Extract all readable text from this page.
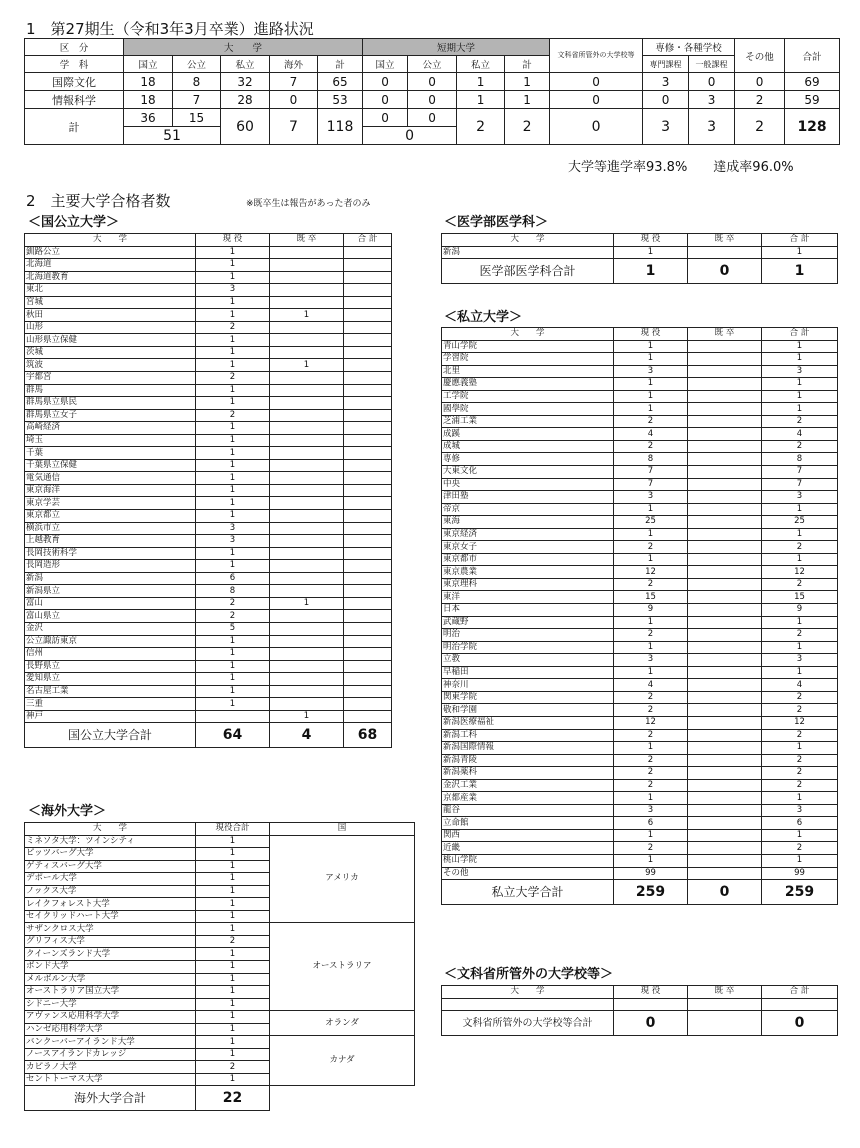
1　第27期生（令和3年3月卒業）進路状況
区　分	大　　学					短期大学				文科省所管外の大学校等	専修・各種学校		その他	合計
学　科	国立	公立	私立	海外	計	国立	公立	私立	計		専門課程	一般課程		
国際文化	18	8	32	7	65	0	0	1	1	0	3	0	0	69
情報科学	18	7	28	0	53	0	0	1	1	0	0	3	2	59
計	36	15	60	7	118	0	0	2	2	0	3	3	2	128
	51					0								
大学等進学率93.8%　　達成率96.0%
2　主要大学合格者数	※既卒生は報告があった者のみ
＜国公立大学＞
大　　学	現 役	既 卒	合 計
釧路公立	1		
北海道	1		
北海道教育	1		
東北	3		
宮城	1		
秋田	1	1	
山形	2		
山形県立保健	1		
茨城	1		
筑波	1	1	
宇都宮	2		
群馬	1		
群馬県立県民	1		
群馬県立女子	2		
高崎経済	1		
埼玉	1		
千葉	1		
千葉県立保健	1		
電気通信	1		
東京海洋	1		
東京学芸	1		
東京都立	1		
横浜市立	3		
上越教育	3		
長岡技術科学	1		
長岡造形	1		
新潟	6		
新潟県立	8		
富山	2	1	
富山県立	2		
金沢	5		
公立諏訪東京	1		
信州	1		
長野県立	1		
愛知県立	1		
名古屋工業	1		
三重	1		
神戸		1	
国公立大学合計	64	4	68
＜海外大学＞
大　　学	現役合計	国
ミネソタ大学：ツインシティ	1	アメリカ
ピッツバーグ大学	1	
ゲティスバーグ大学	1	
デポール大学	1	
ノックス大学	1	
レイクフォレスト大学	1	
セイクリッドハート大学	1	
サザンクロス大学	1	オーストラリア
グリフィス大学	2	
クイーンズランド大学	1	
ボンド大学	1	
メルボルン大学	1	
オーストラリア国立大学	1	
シドニー大学	1	
アヴァンス応用科学大学	1	オランダ
ハンゼ応用科学大学	1	
バンクーバーアイランド大学	1	カナダ
ノースアイランドカレッジ	1	
カピラノ大学	2	
セントトーマス大学	1	
海外大学合計	22	
＜医学部医学科＞
大　　学	現 役	既 卒	合 計
新潟	1		1
医学部医学科合計	1	0	1
＜私立大学＞
大　　学	現 役	既 卒	合 計
青山学院	1		1
学習院	1		1
北里	3		3
慶應義塾	1		1
工学院	1		1
國學院	1		1
芝浦工業	2		2
成蹊	4		4
成城	2		2
専修	8		8
大東文化	7		7
中央	7		7
津田塾	3		3
帝京	1		1
東海	25		25
東京経済	1		1
東京女子	2		2
東京都市	1		1
東京農業	12		12
東京理科	2		2
東洋	15		15
日本	9		9
武蔵野	1		1
明治	2		2
明治学院	1		1
立教	3		3
早稲田	1		1
神奈川	4		4
関東学院	2		2
敬和学園	2		2
新潟医療福祉	12		12
新潟工科	2		2
新潟国際情報	1		1
新潟青陵	2		2
新潟薬科	2		2
金沢工業	2		2
京都産業	1		1
龍谷	3		3
立命館	6		6
関西	1		1
近畿	2		2
桃山学院	1		1
その他	99		99
私立大学合計	259	0	259
＜文科省所管外の大学校等＞
大　　学	現 役	既 卒	合 計

文科省所管外の大学校等合計	0		0
